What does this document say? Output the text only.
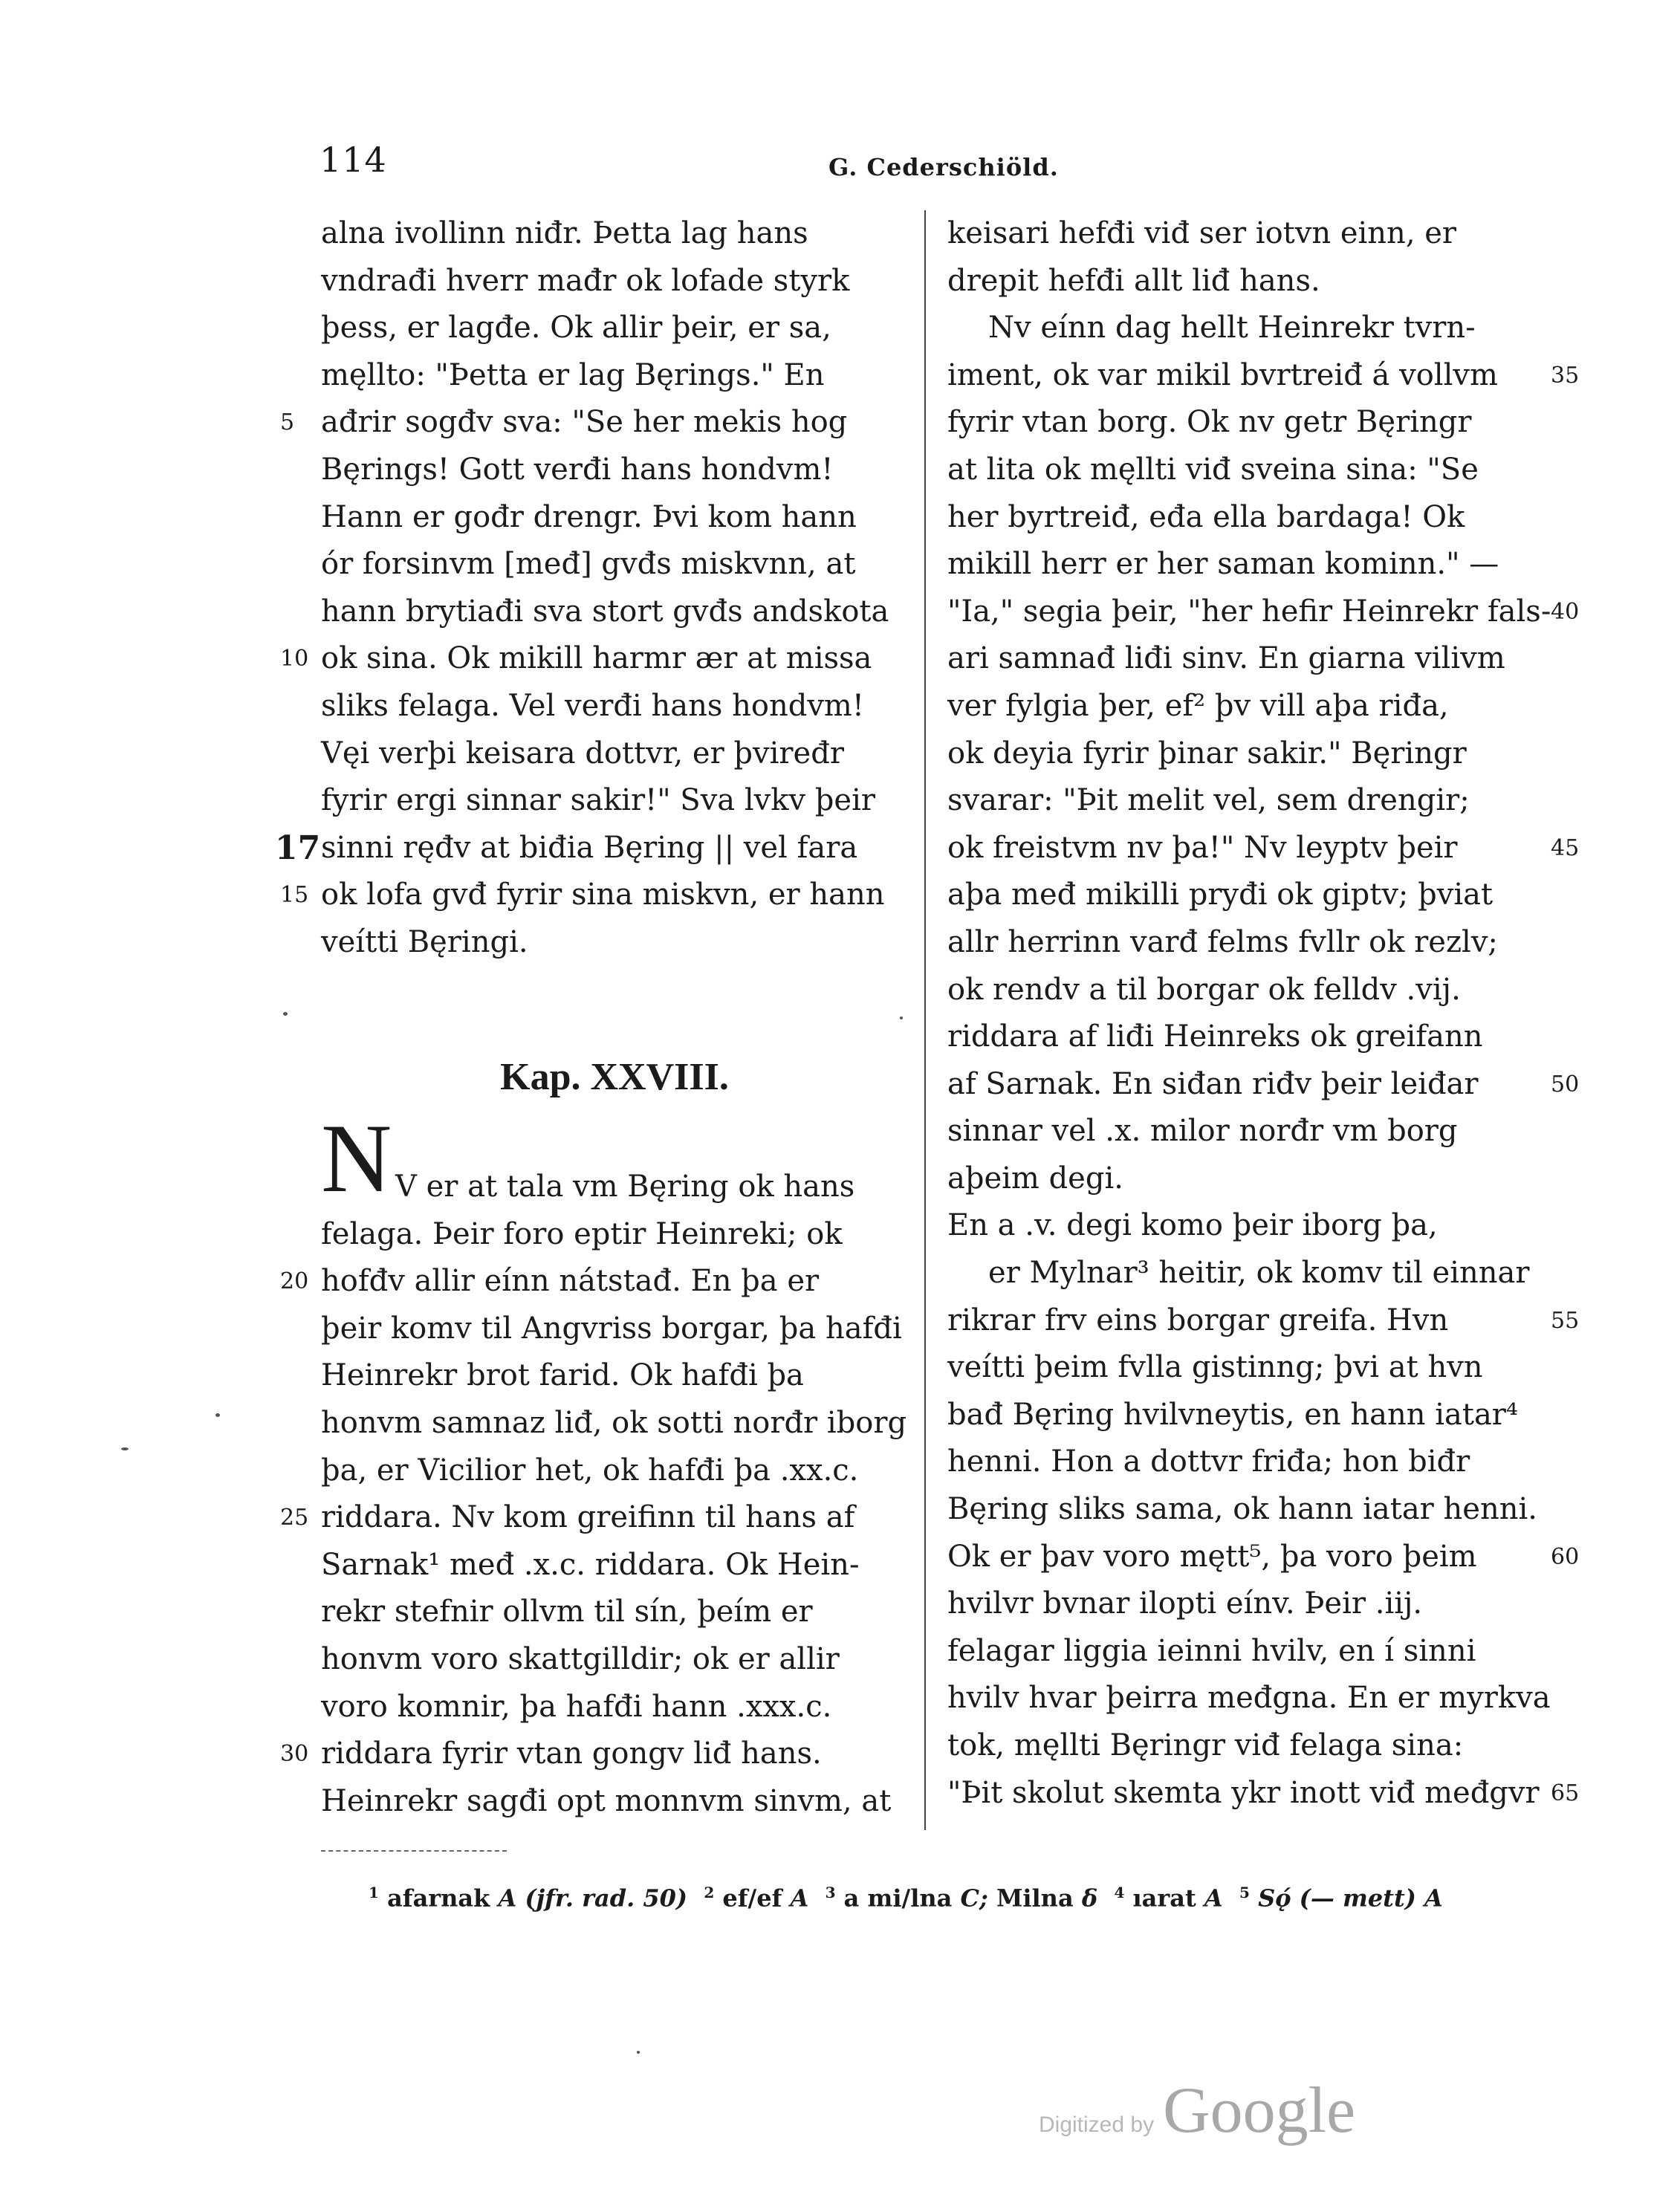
114	G. Cederschiöld.
alna ivollinn niđr. Þetta lag hans
vndrađi hverr mađr ok lofade styrk
þess, er lagđe. Ok allir þeir, er sa,
męllto: "Þetta er lag Bęrings." En
5 ađrir sogđv sva: "Se her mekis hog
Bęrings! Gott verđi hans hondvm!
Hann er gođr drengr. Þvi kom hann
ór forsinvm [međ] gvđs miskvnn, at
hann brytiađi sva stort gvđs andskota
10 ok sina. Ok mikill harmr ær at missa
sliks felaga. Vel verđi hans hondvm!
Vęi verþi keisara dottvr, er þviređr
fyrir ergi sinnar sakir!" Sva lvkv þeir
17 sinni ręđv at biđia Bęring || vel fara
15 ok lofa gvđ fyrir sina miskvn, er hann
veítti Bęringi.
Kap. XXVIII.
N V er at tala vm Bęring ok hans
felaga. Þeir foro eptir Heinreki; ok
20 hofđv allir eínn nátstađ. En þa er
þeir komv til Angvriss borgar, þa hafđi
Heinrekr brot farid. Ok hafđi þa
honvm samnaz liđ, ok sotti norđr iborg
þa, er Vicilior het, ok hafđi þa .xx.c.
25 riddara. Nv kom greifinn til hans af
Sarnak¹ međ .x.c. riddara. Ok Hein-
rekr stefnir ollvm til sín, þeím er
honvm voro skattgilldir; ok er allir
voro komnir, þa hafđi hann .xxx.c.
30 riddara fyrir vtan gongv liđ hans.
Heinrekr sagđi opt monnvm sinvm, at
keisari hefđi viđ ser iotvn einn, er
drepit hefđi allt liđ hans.
Nv eínn dag hellt Heinrekr tvrn-
35
iment, ok var mikil bvrtreiđ á vollvm
fyrir vtan borg. Ok nv getr Bęringr
at lita ok męllti viđ sveina sina: "Se
her byrtreiđ, eđa ella bardaga! Ok
mikill herr er her saman kominn." —
40
"Ia," segia þeir, "her hefir Heinrekr fals-
ari samnađ liđi sinv. En giarna vilivm
ver fylgia þer, ef² þv vill aþa riđa,
ok deyia fyrir þinar sakir." Bęringr
svarar: "Þit melit vel, sem drengir;
45
ok freistvm nv þa!" Nv leyptv þeir
aþa međ mikilli pryđi ok giptv; þviat
allr herrinn varđ felms fvllr ok rezlv;
ok rendv a til borgar ok felldv .vij.
riddara af liđi Heinreks ok greifann
50
af Sarnak. En siđan riđv þeir leiđar
sinnar vel .x. milor norđr vm borg
aþeim degi.
En a .v. degi komo þeir iborg þa,
er Mylnar³ heitir, ok komv til einnar
55
rikrar frv eins borgar greifa. Hvn
veítti þeim fvlla gistinng; þvi at hvn
bađ Bęring hvilvneytis, en hann iatar⁴
henni. Hon a dottvr friđa; hon biđr
Bęring sliks sama, ok hann iatar henni.
60
Ok er þav voro mętt⁵, þa voro þeim
hvilvr bvnar ilopti eínv. Þeir .iij.
felagar liggia ieinni hvilv, en í sinni
hvilv hvar þeirra međgna. En er myrkva
tok, męllti Bęringr viđ felaga sina:
65
"Þit skolut skemta ykr inott viđ međgvr
$^1$ afarnak A (jfr. rad. 50) $^2$ ef/ef A $^3$ a mi/lna C; Milna δ $^4$ ıarat A $^5$ Sǫ́ (— mett) A
Digitized by Google
